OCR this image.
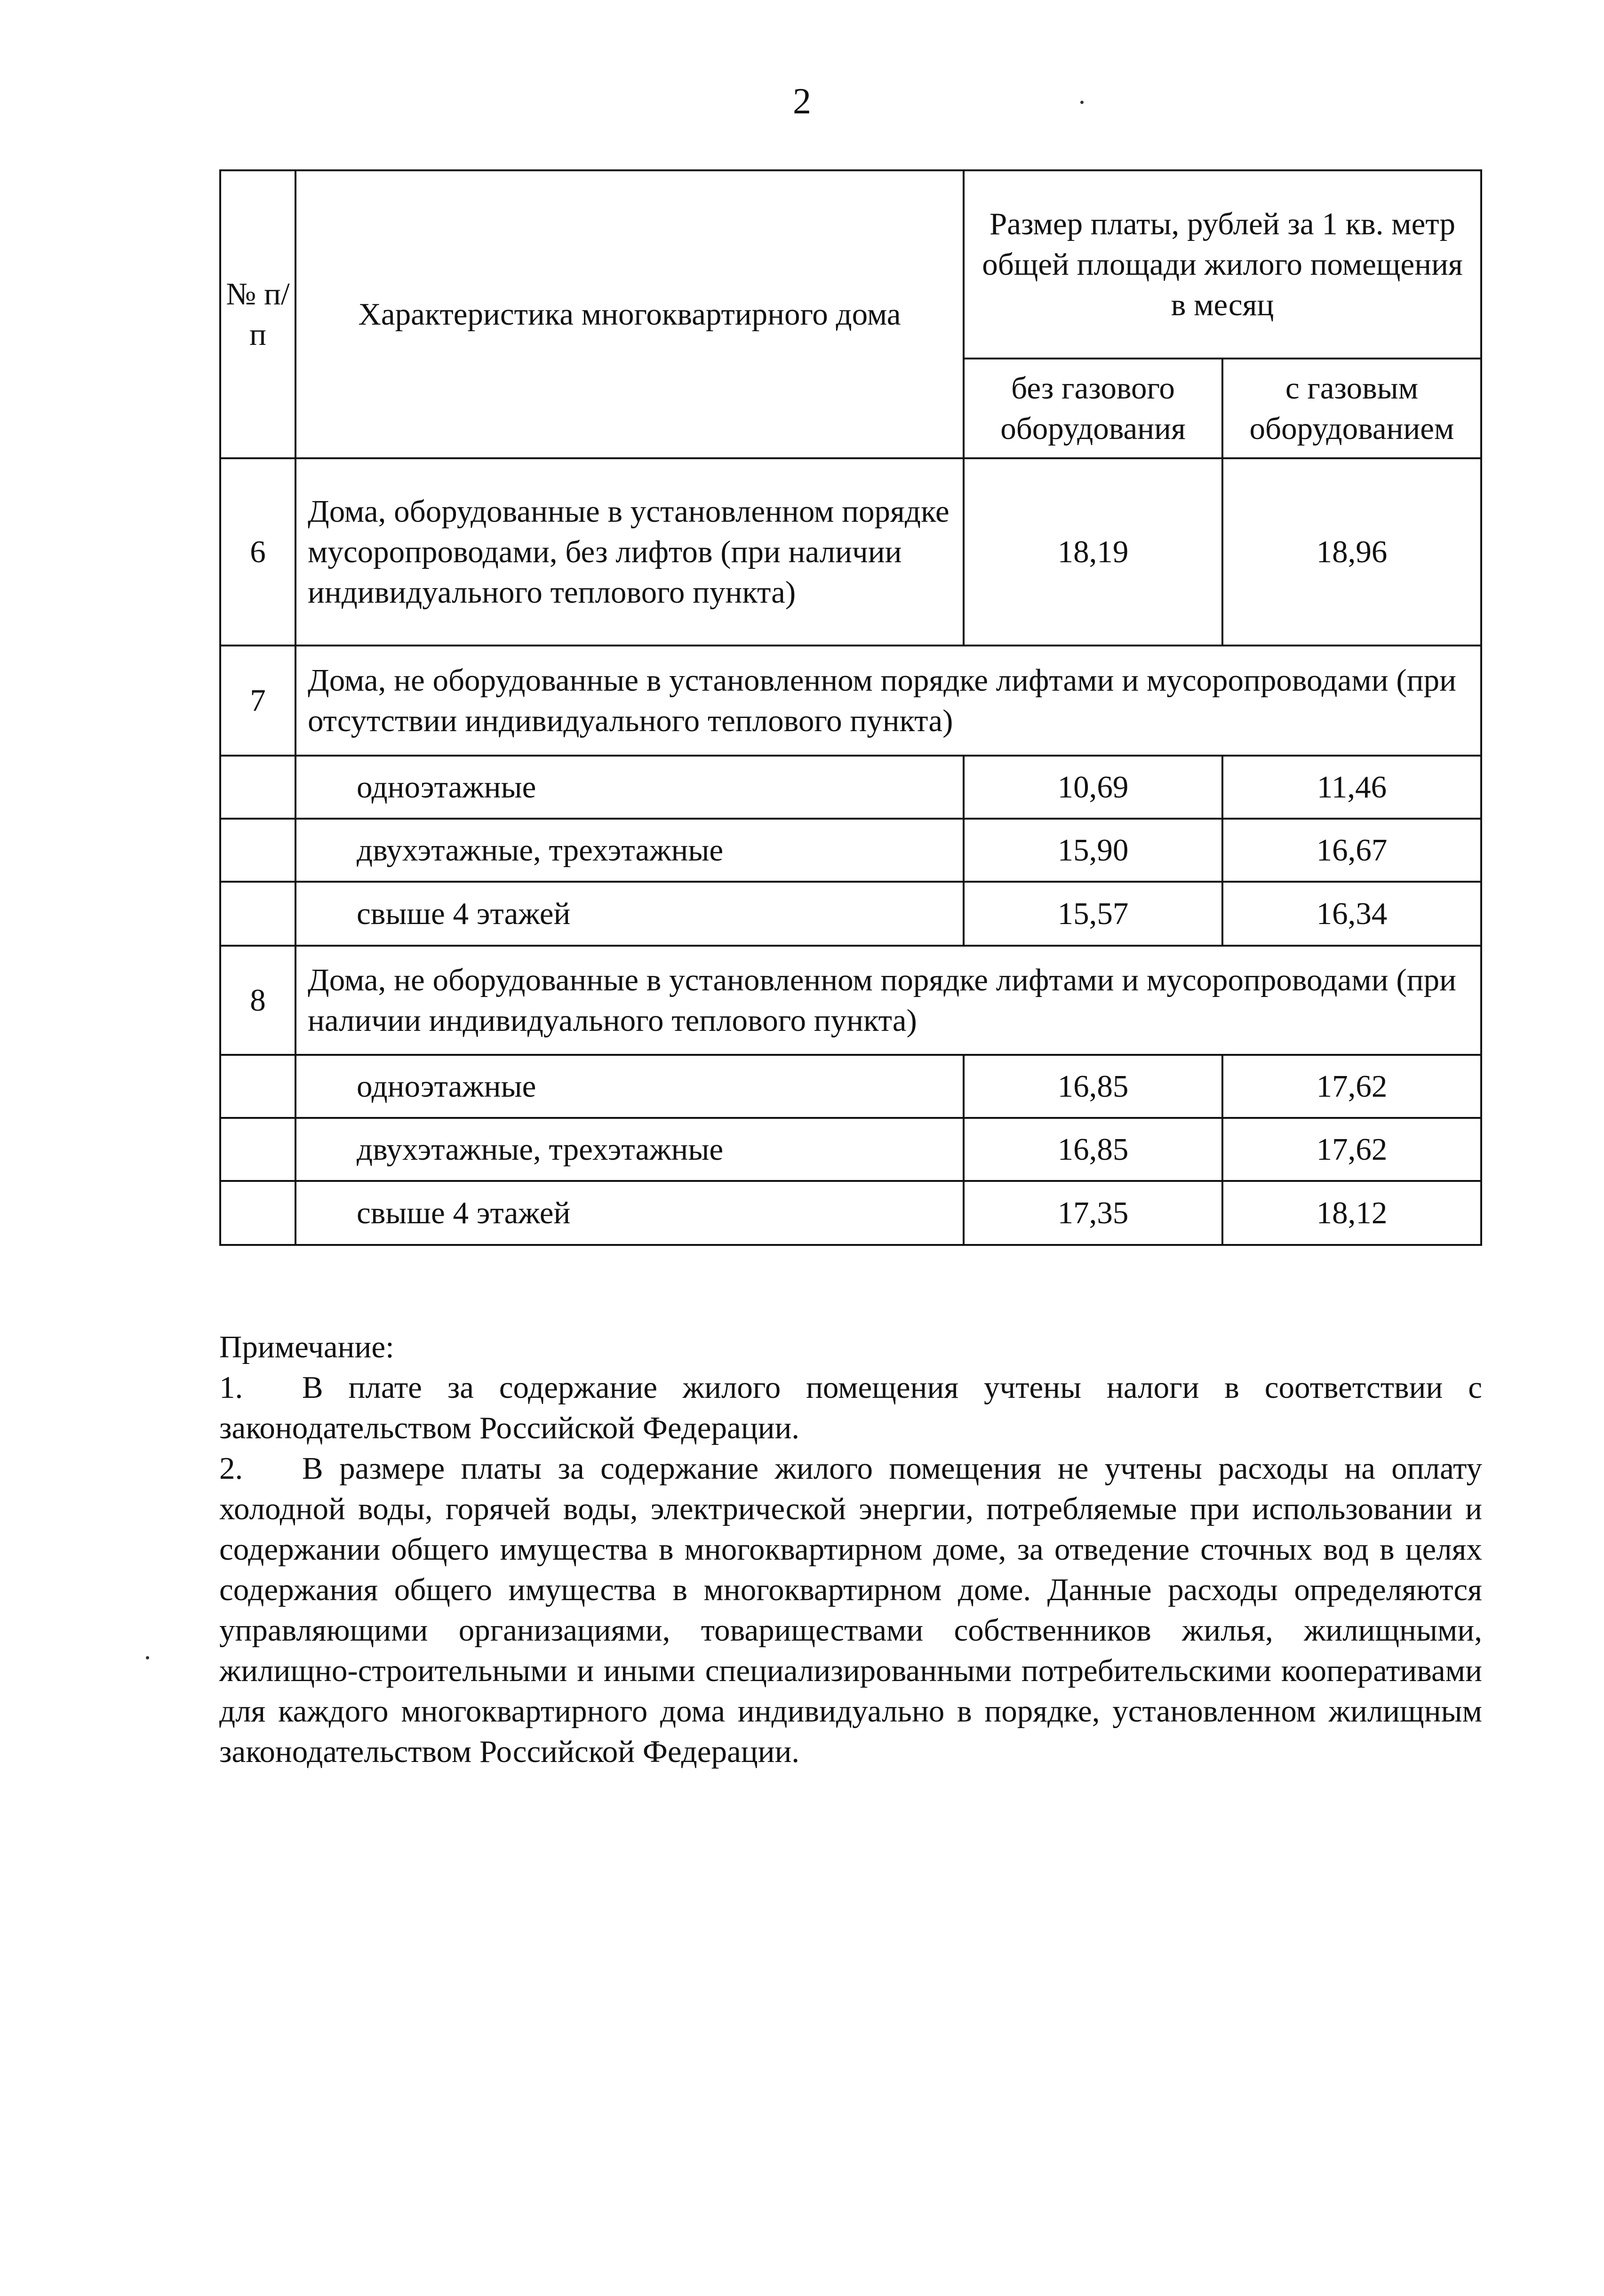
2
№ п/п	Характеристика многоквартирного дома	Размер платы, рублей за 1 кв. метр общей площади жилого помещения в месяц	
		без газового оборудования	с газовым оборудованием
6	Дома, оборудованные в установленном порядке мусоропроводами, без лифтов (при наличии индивидуального теплового пункта)	18,19	18,96
7	Дома, не оборудованные в установленном порядке лифтами и мусоропроводами (при отсутствии индивидуального теплового пункта)		
	одноэтажные	10,69	11,46
	двухэтажные, трехэтажные	15,90	16,67
	свыше 4 этажей	15,57	16,34
8	Дома, не оборудованные в установленном порядке лифтами и мусоропроводами (при наличии индивидуального теплового пункта)		
	одноэтажные	16,85	17,62
	двухэтажные, трехэтажные	16,85	17,62
	свыше 4 этажей	17,35	18,12

Примечание:

1. В плате за содержание жилого помещения учтены налоги в соответствии с законодательством Российской Федерации.

2. В размере платы за содержание жилого помещения не учтены расходы на оплату холодной воды, горячей воды, электрической энергии, потребляемые при использовании и содержании общего имущества в многоквартирном доме, за отведение сточных вод в целях содержания общего имущества в многоквартирном доме. Данные расходы определяются управляющими организациями, товариществами собственников жилья, жилищными, жилищно-строительными и иными специализированными потребительскими кооперативами для каждого многоквартирного дома индивидуально в порядке, установленном жилищным законодательством Российской Федерации.
